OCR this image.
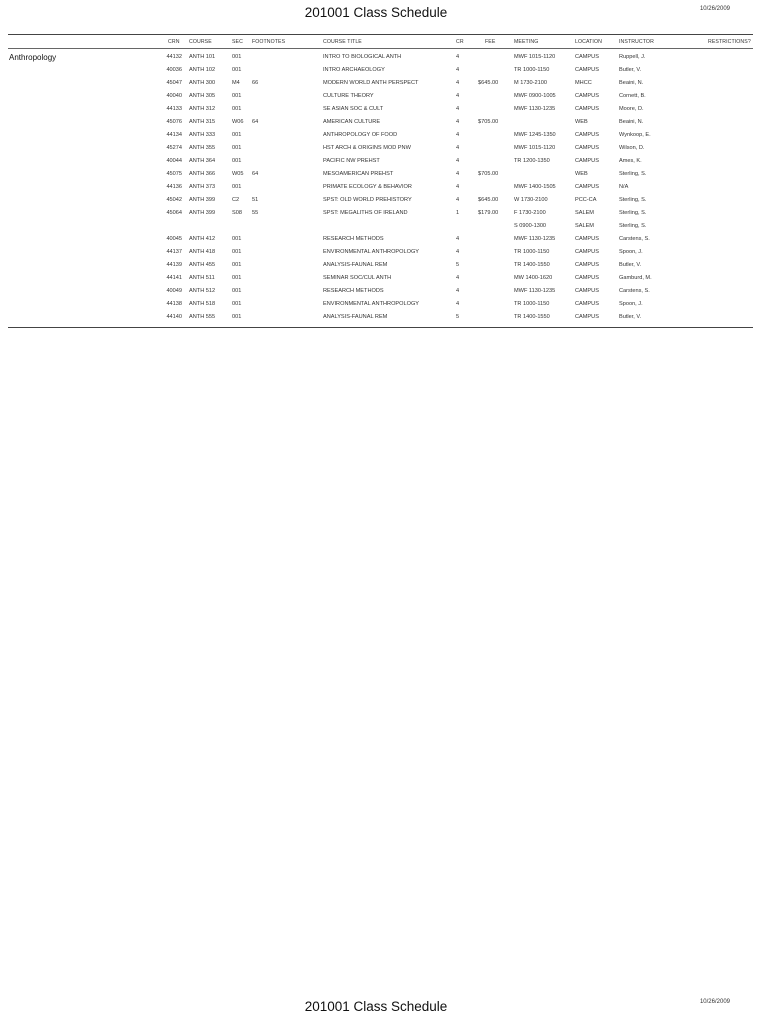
201001 Class Schedule	10/26/2009
CRN COURSE	SEC FOOTNOTES	COURSE TITLE	CR	FEE	MEETING	LOCATION	INSTRUCTOR	RESTRICTIONS?
Anthropology	44132 ANTH 101	001	INTRO TO BIOLOGICAL ANTH	4	MWF 1015-1120	CAMPUS	Ruppell, J.
40036 ANTH 102	001	INTRO ARCHAEOLOGY	4	TR 1000-1150	CAMPUS	Butler, V.
45047 ANTH 300	M4 66	MODERN WORLD ANTH PERSPECT	4	$645.00	M 1730-2100	MHCC	Beaini, N.
40040 ANTH 305	001	CULTURE THEORY	4	MWF 0900-1005	CAMPUS	Cornett, B.
44133 ANTH 312	001	SE ASIAN SOC & CULT	4	MWF 1130-1235	CAMPUS	Moore, D.
45076 ANTH 315	W06 64	AMERICAN CULTURE	4	$705.00	WEB	Beaini, N.
44134 ANTH 333	001	ANTHROPOLOGY OF FOOD	4	MWF 1245-1350	CAMPUS	Wynkoop, E.
45274 ANTH 355	001	HST ARCH & ORIGINS MOD PNW	4	MWF 1015-1120	CAMPUS	Wilson, D.
40044 ANTH 364	001	PACIFIC NW PREHST	4	TR 1200-1350	CAMPUS	Ames, K.
45075 ANTH 366	W05 64	MESOAMERICAN PREHST	4	$705.00	WEB	Sterling, S.
44136 ANTH 373	001	PRIMATE ECOLOGY & BEHAVIOR	4	MWF 1400-1505	CAMPUS	N/A
45042 ANTH 399	C2 51	SPST: OLD WORLD PREHISTORY	4	$645.00	W 1730-2100	PCC-CA	Sterling, S.
45064 ANTH 399	S08 55	SPST: MEGALITHS OF IRELAND	1	$179.00	F 1730-2100	SALEM	Sterling, S.
S 0900-1300	SALEM	Sterling, S.
40045 ANTH 412	001	RESEARCH METHODS	4	MWF 1130-1235	CAMPUS	Carstens, S.
44137 ANTH 418	001	ENVIRONMENTAL ANTHROPOLOGY	4	TR 1000-1150	CAMPUS	Spoon, J.
44139 ANTH 455	001	ANALYSIS-FAUNAL REM	5	TR 1400-1550	CAMPUS	Butler, V.
44141 ANTH 511	001	SEMINAR SOC/CUL ANTH	4	MW 1400-1620	CAMPUS	Gamburd, M.
40049 ANTH 512	001	RESEARCH METHODS	4	MWF 1130-1235	CAMPUS	Carstens, S.
44138 ANTH 518	001	ENVIRONMENTAL ANTHROPOLOGY	4	TR 1000-1150	CAMPUS	Spoon, J.
44140 ANTH 555	001	ANALYSIS-FAUNAL REM	5	TR 1400-1550	CAMPUS	Butler, V.
201001 Class Schedule	10/26/2009
